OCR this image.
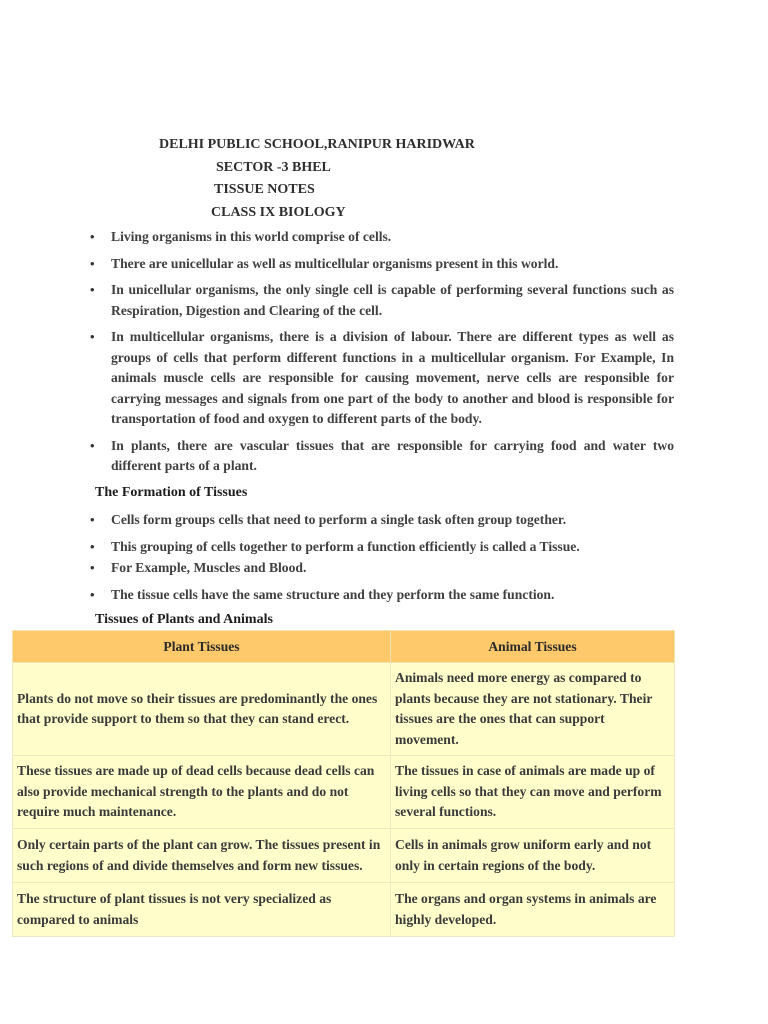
DELHI PUBLIC SCHOOL,RANIPUR HARIDWAR
SECTOR -3 BHEL
TISSUE NOTES
CLASS IX BIOLOGY
• Living organisms in this world comprise of cells.
• There are unicellular as well as multicellular organisms present in this world.
• In unicellular organisms, the only single cell is capable of performing several functions such as Respiration, Digestion and Clearing of the cell.
• In multicellular organisms, there is a division of labour. There are different types as well as groups of cells that perform different functions in a multicellular organism. For Example, In animals muscle cells are responsible for causing movement, nerve cells are responsible for carrying messages and signals from one part of the body to another and blood is responsible for transportation of food and oxygen to different parts of the body.
• In plants, there are vascular tissues that are responsible for carrying food and water two different parts of a plant.
The Formation of Tissues
• Cells form groups cells that need to perform a single task often group together.
• This grouping of cells together to perform a function efficiently is called a Tissue.
• For Example, Muscles and Blood.
• The tissue cells have the same structure and they perform the same function.
Tissues of Plants and Animals
Plant Tissues	Animal Tissues
Plants do not move so their tissues are predominantly the ones that provide support to them so that they can stand erect.	Animals need more energy as compared to plants because they are not stationary. Their tissues are the ones that can support movement.
These tissues are made up of dead cells because dead cells can also provide mechanical strength to the plants and do not require much maintenance.	The tissues in case of animals are made up of living cells so that they can move and perform several functions.
Only certain parts of the plant can grow. The tissues present in such regions of and divide themselves and form new tissues.	Cells in animals grow uniform early and not only in certain regions of the body.
The structure of plant tissues is not very specialized as compared to animals	The organs and organ systems in animals are highly developed.
